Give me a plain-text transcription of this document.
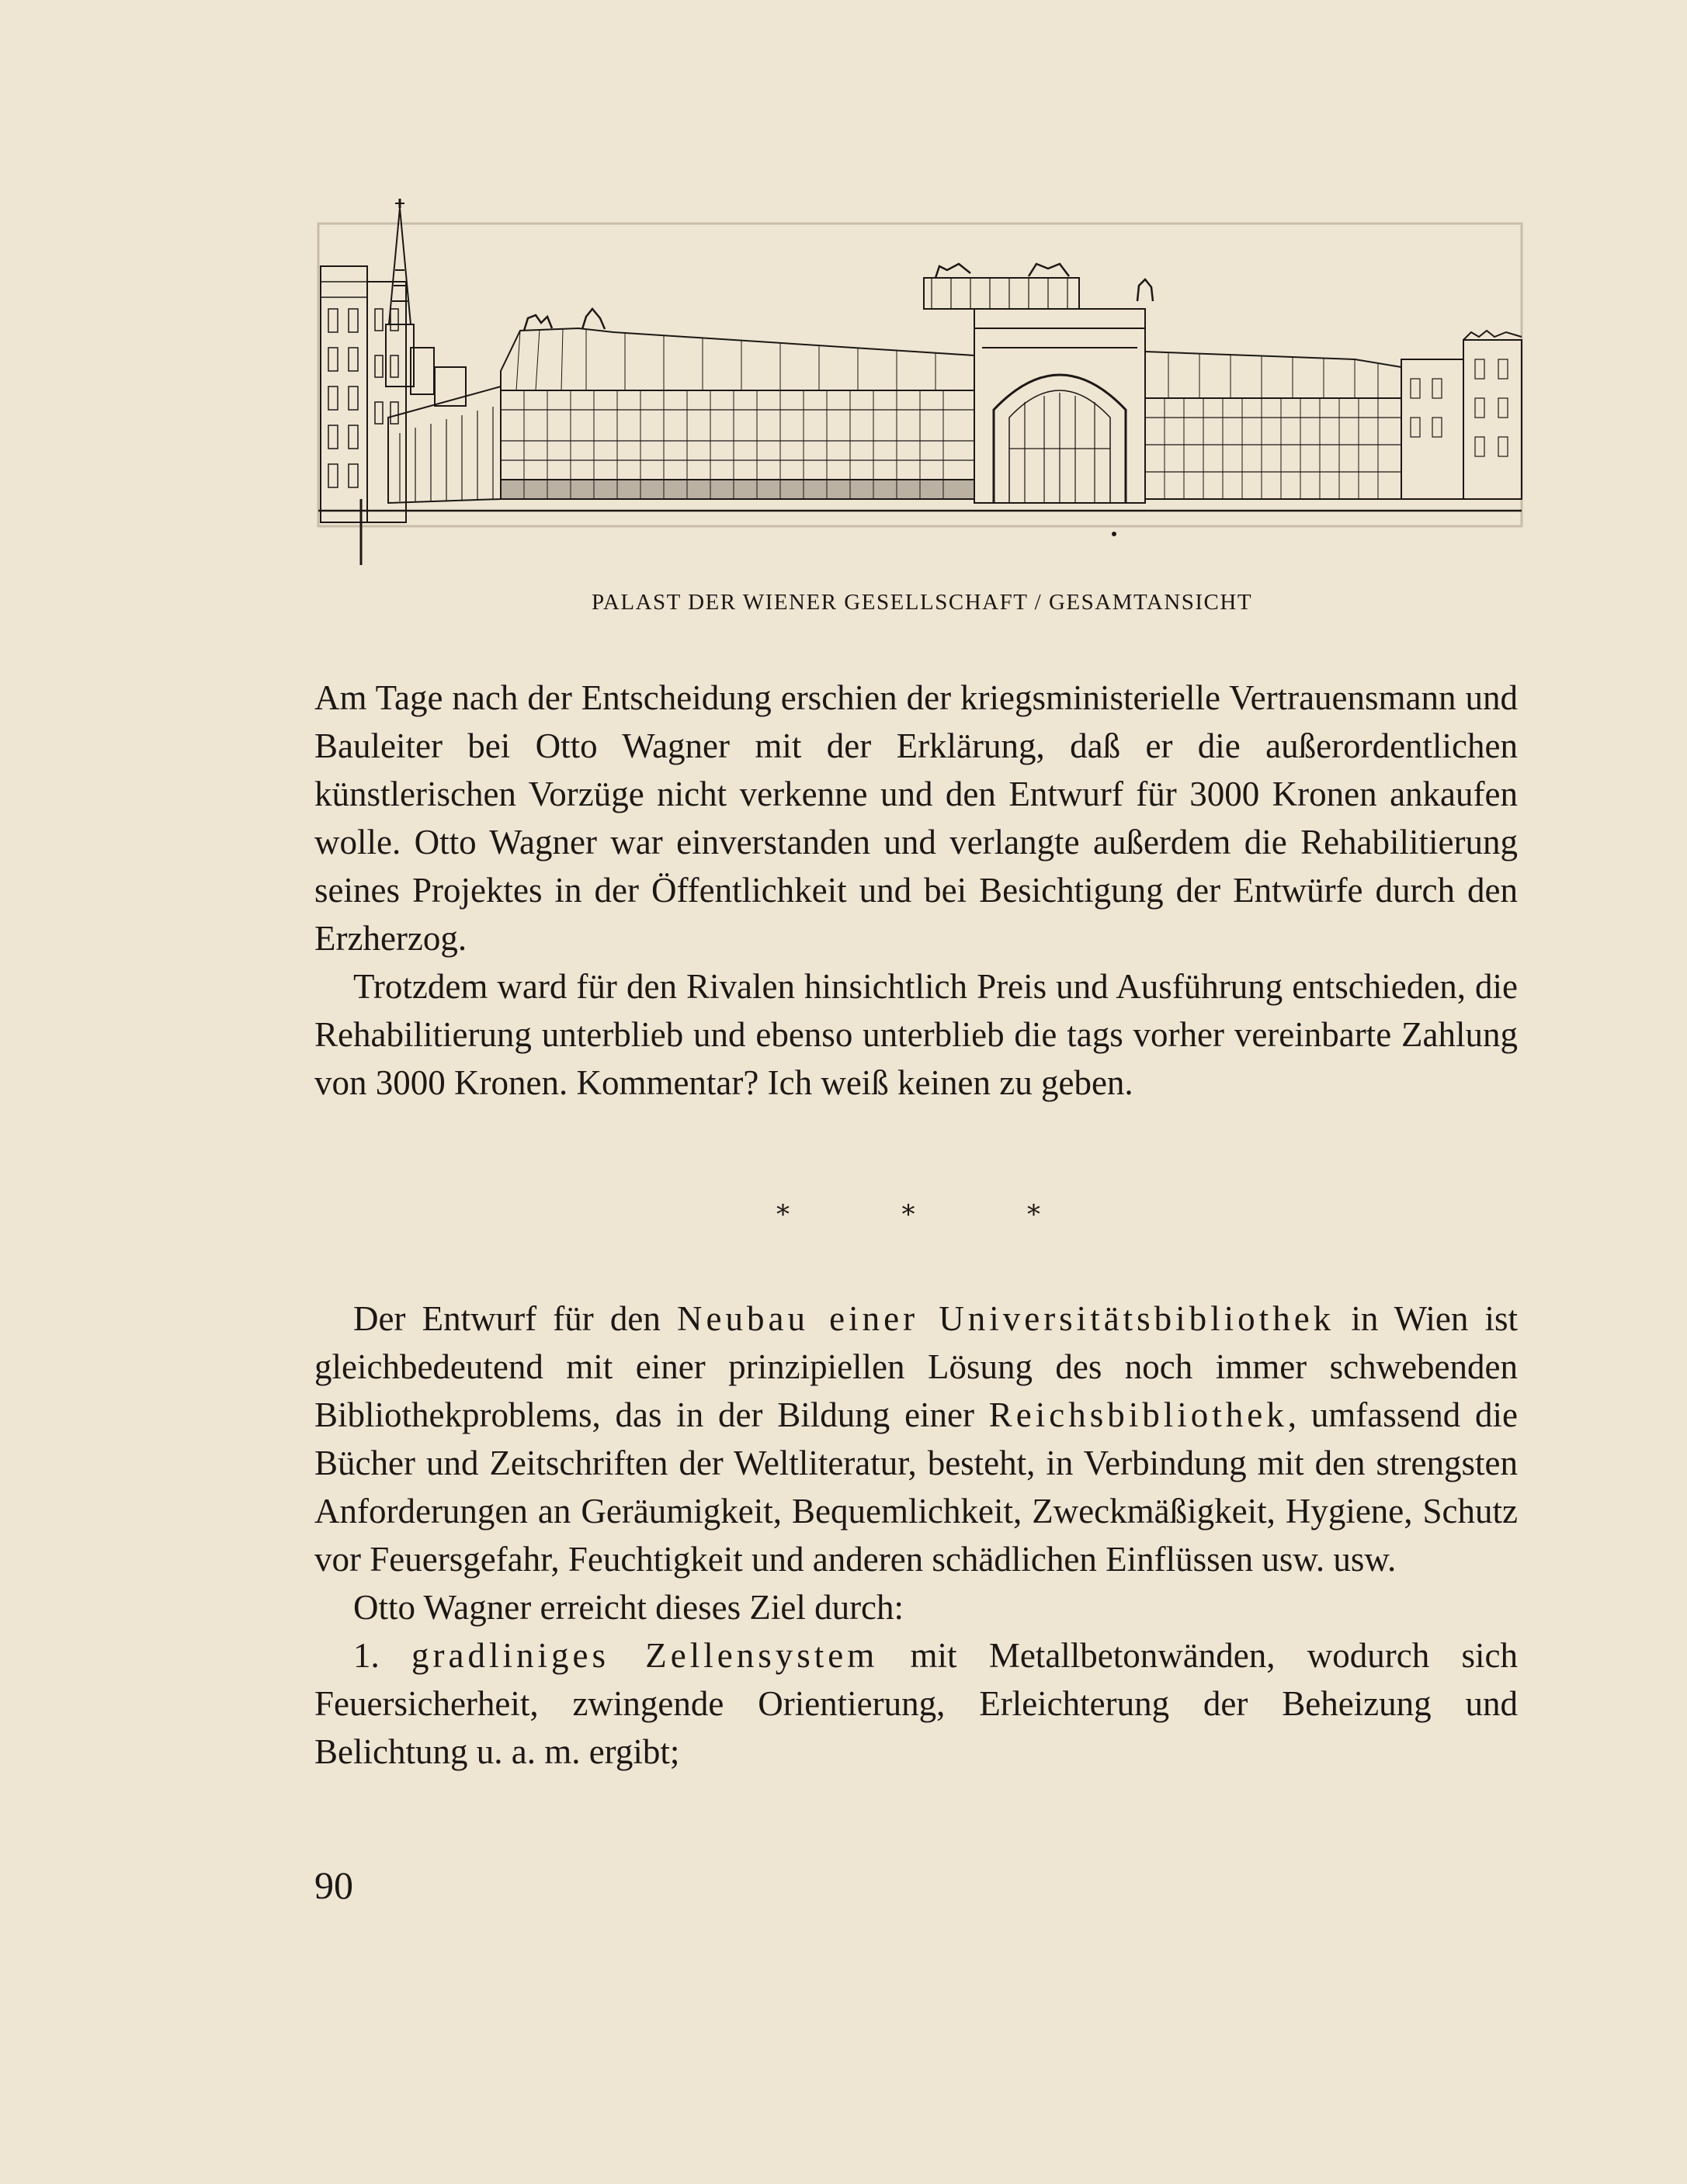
PALAST DER WIENER GESELLSCHAFT / GESAMTANSICHT

Am Tage nach der Entscheidung erschien der kriegsministerielle Vertrauensmann und Bauleiter bei Otto Wagner mit der Erklärung, daß er die außerordentlichen künstlerischen Vorzüge nicht verkenne und den Entwurf für 3000 Kronen ankaufen wolle. Otto Wagner war einverstanden und verlangte außerdem die Rehabilitierung seines Projektes in der Öffentlichkeit und bei Besichtigung der Entwürfe durch den Erzherzog.

Trotzdem ward für den Rivalen hinsichtlich Preis und Ausführung entschieden, die Rehabilitierung unterblieb und ebenso unterblieb die tags vorher vereinbarte Zahlung von 3000 Kronen. Kommentar? Ich weiß keinen zu geben.

*	*	*

Der Entwurf für den Neubau einer Universitätsbibliothek in Wien ist gleichbedeutend mit einer prinzipiellen Lösung des noch immer schwebenden Bibliothekproblems, das in der Bildung einer Reichsbibliothek, umfassend die Bücher und Zeitschriften der Weltliteratur, besteht, in Verbindung mit den strengsten Anforderungen an Geräumigkeit, Bequemlichkeit, Zweckmäßigkeit, Hygiene, Schutz vor Feuersgefahr, Feuchtigkeit und anderen schädlichen Einflüssen usw. usw.

Otto Wagner erreicht dieses Ziel durch:

1. gradliniges Zellensystem mit Metallbetonwänden, wodurch sich Feuersicherheit, zwingende Orientierung, Erleichterung der Beheizung und Belichtung u. a. m. ergibt;

90
